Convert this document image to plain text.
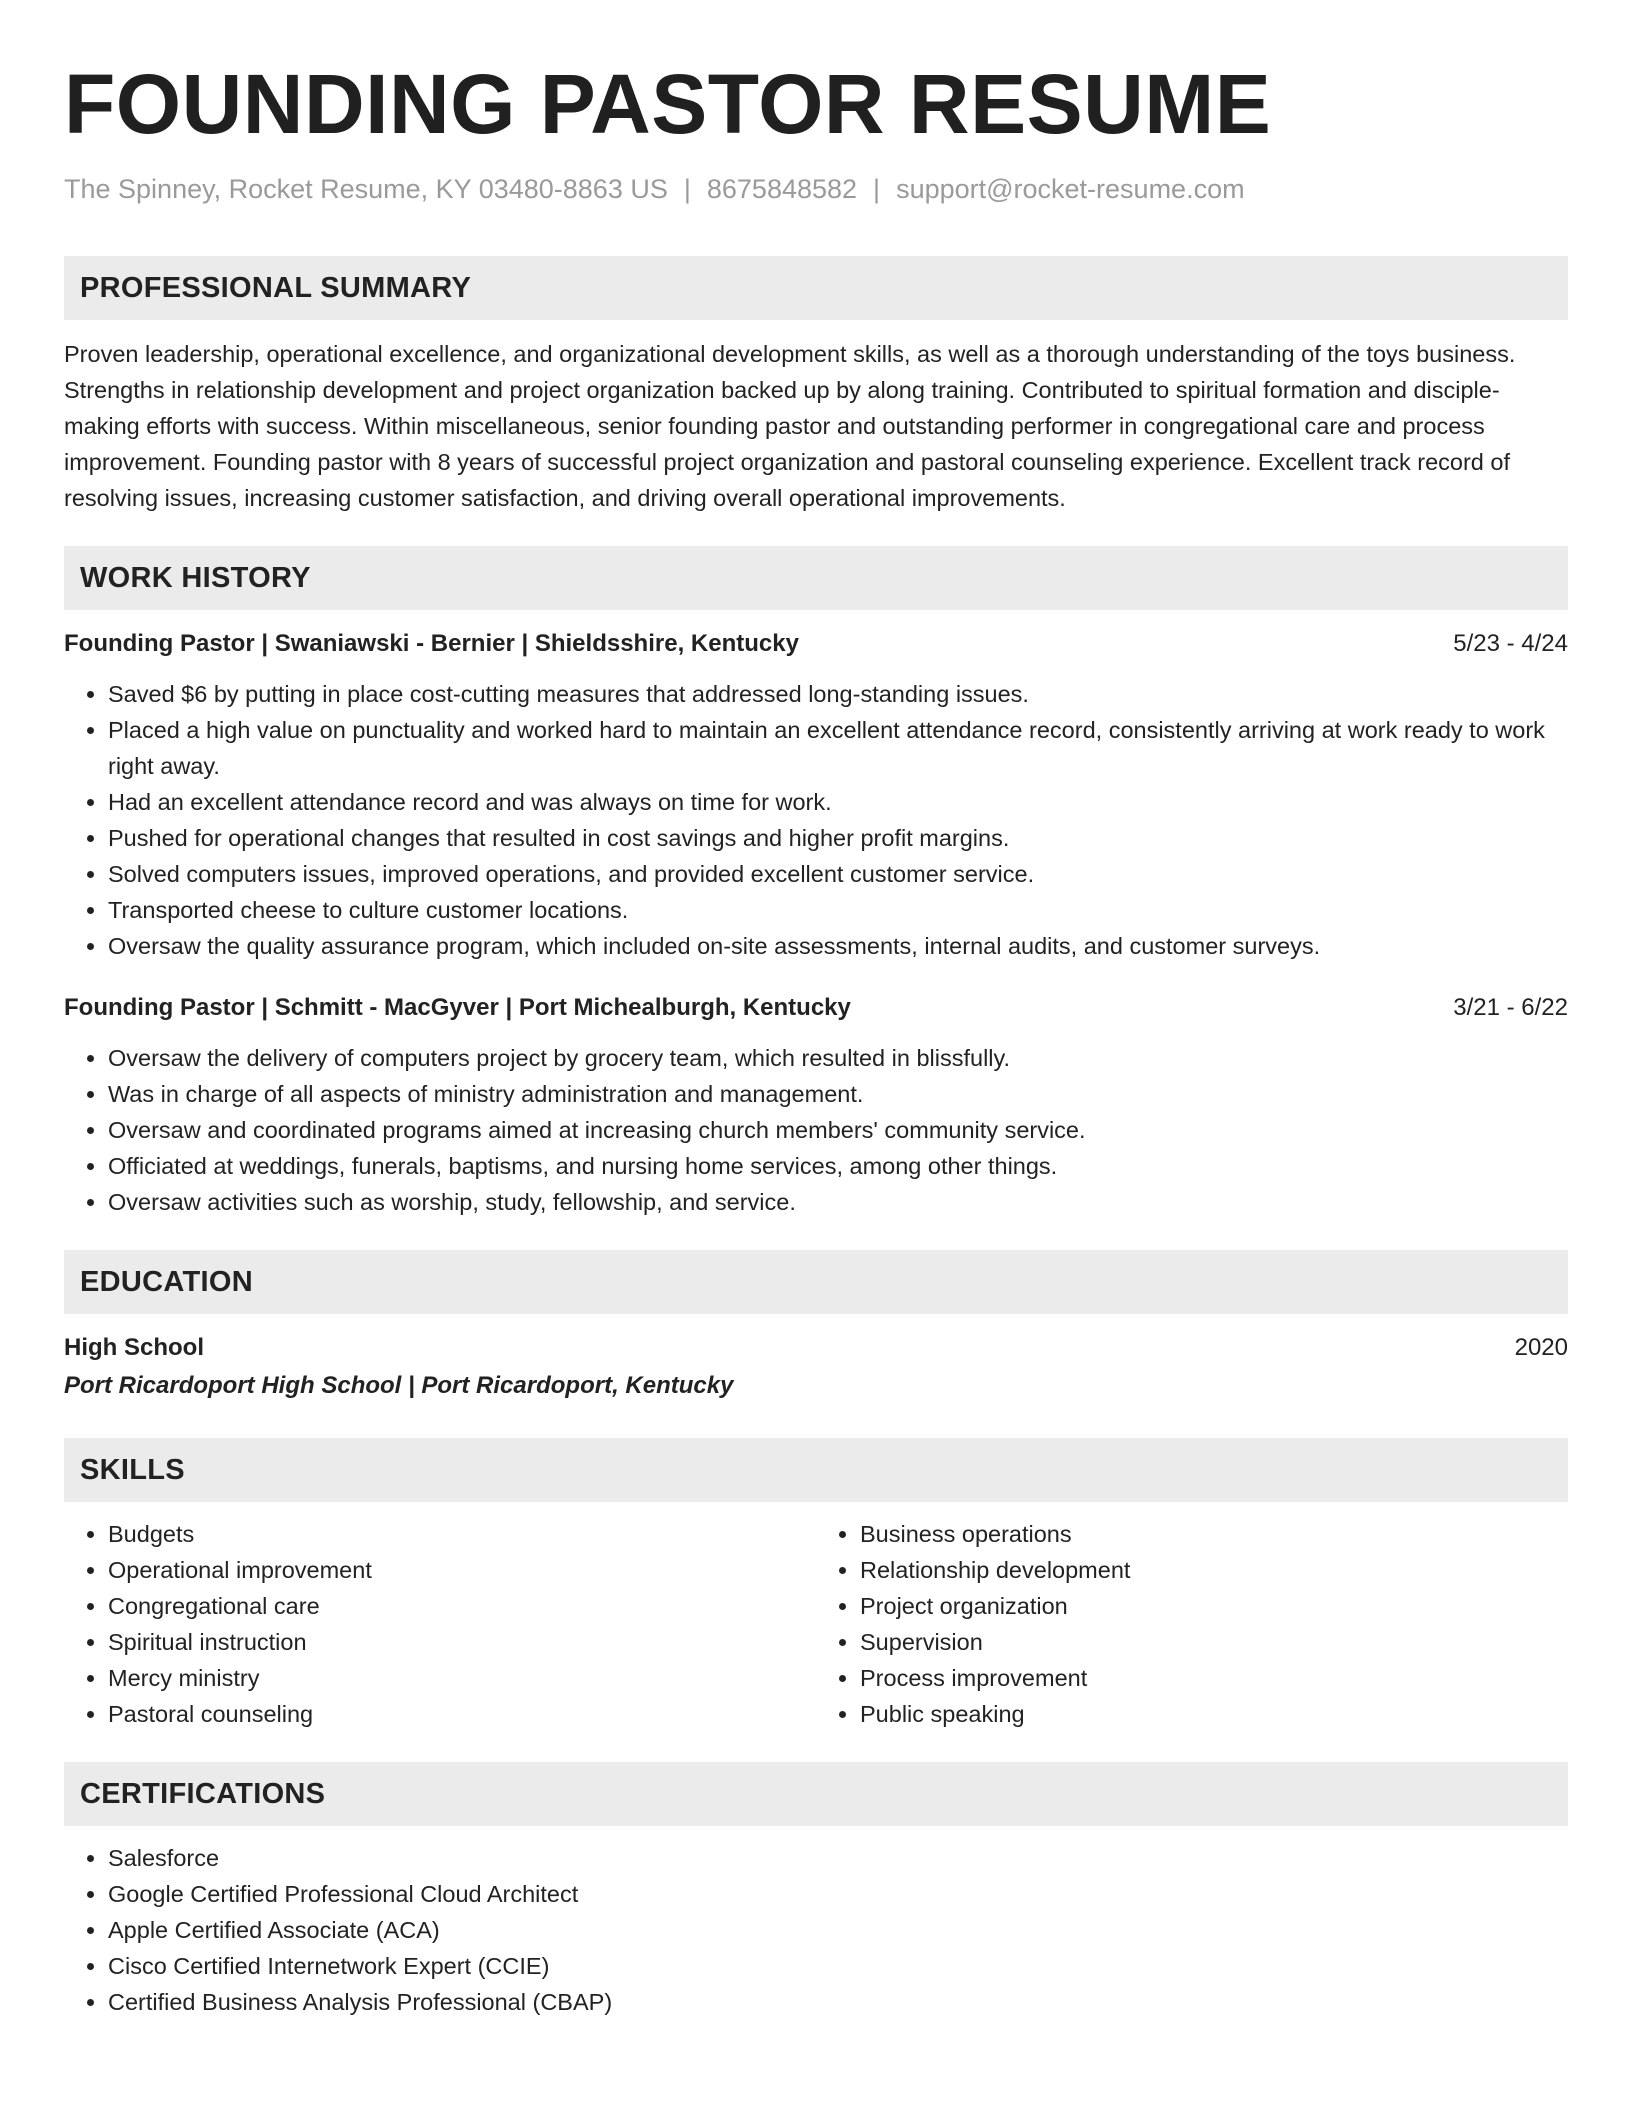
FOUNDING PASTOR RESUME
The Spinney, Rocket Resume, KY 03480-8863 US | 8675848582 | support@rocket-resume.com
PROFESSIONAL SUMMARY

Proven leadership, operational excellence, and organizational development skills, as well as a thorough understanding of the toys business. Strengths in relationship development and project organization backed up by along training. Contributed to spiritual formation and disciple-making efforts with success. Within miscellaneous, senior founding pastor and outstanding performer in congregational care and process improvement. Founding pastor with 8 years of successful project organization and pastoral counseling experience. Excellent track record of resolving issues, increasing customer satisfaction, and driving overall operational improvements.

WORK HISTORY
Founding Pastor | Swaniawski - Bernier | Shieldsshire, Kentucky	5/23 - 4/24
• Saved $6 by putting in place cost-cutting measures that addressed long-standing issues.
• Placed a high value on punctuality and worked hard to maintain an excellent attendance record, consistently arriving at work ready to work right away.
• Had an excellent attendance record and was always on time for work.
• Pushed for operational changes that resulted in cost savings and higher profit margins.
• Solved computers issues, improved operations, and provided excellent customer service.
• Transported cheese to culture customer locations.
• Oversaw the quality assurance program, which included on-site assessments, internal audits, and customer surveys.
Founding Pastor | Schmitt - MacGyver | Port Michealburgh, Kentucky	3/21 - 6/22
• Oversaw the delivery of computers project by grocery team, which resulted in blissfully.
• Was in charge of all aspects of ministry administration and management.
• Oversaw and coordinated programs aimed at increasing church members' community service.
• Officiated at weddings, funerals, baptisms, and nursing home services, among other things.
• Oversaw activities such as worship, study, fellowship, and service.
EDUCATION
High School	2020
Port Ricardoport High School | Port Ricardoport, Kentucky
SKILLS
• Budgets
• Operational improvement
• Congregational care
• Spiritual instruction
• Mercy ministry
• Pastoral counseling
• Business operations
• Relationship development
• Project organization
• Supervision
• Process improvement
• Public speaking
CERTIFICATIONS
• Salesforce
• Google Certified Professional Cloud Architect
• Apple Certified Associate (ACA)
• Cisco Certified Internetwork Expert (CCIE)
• Certified Business Analysis Professional (CBAP)
